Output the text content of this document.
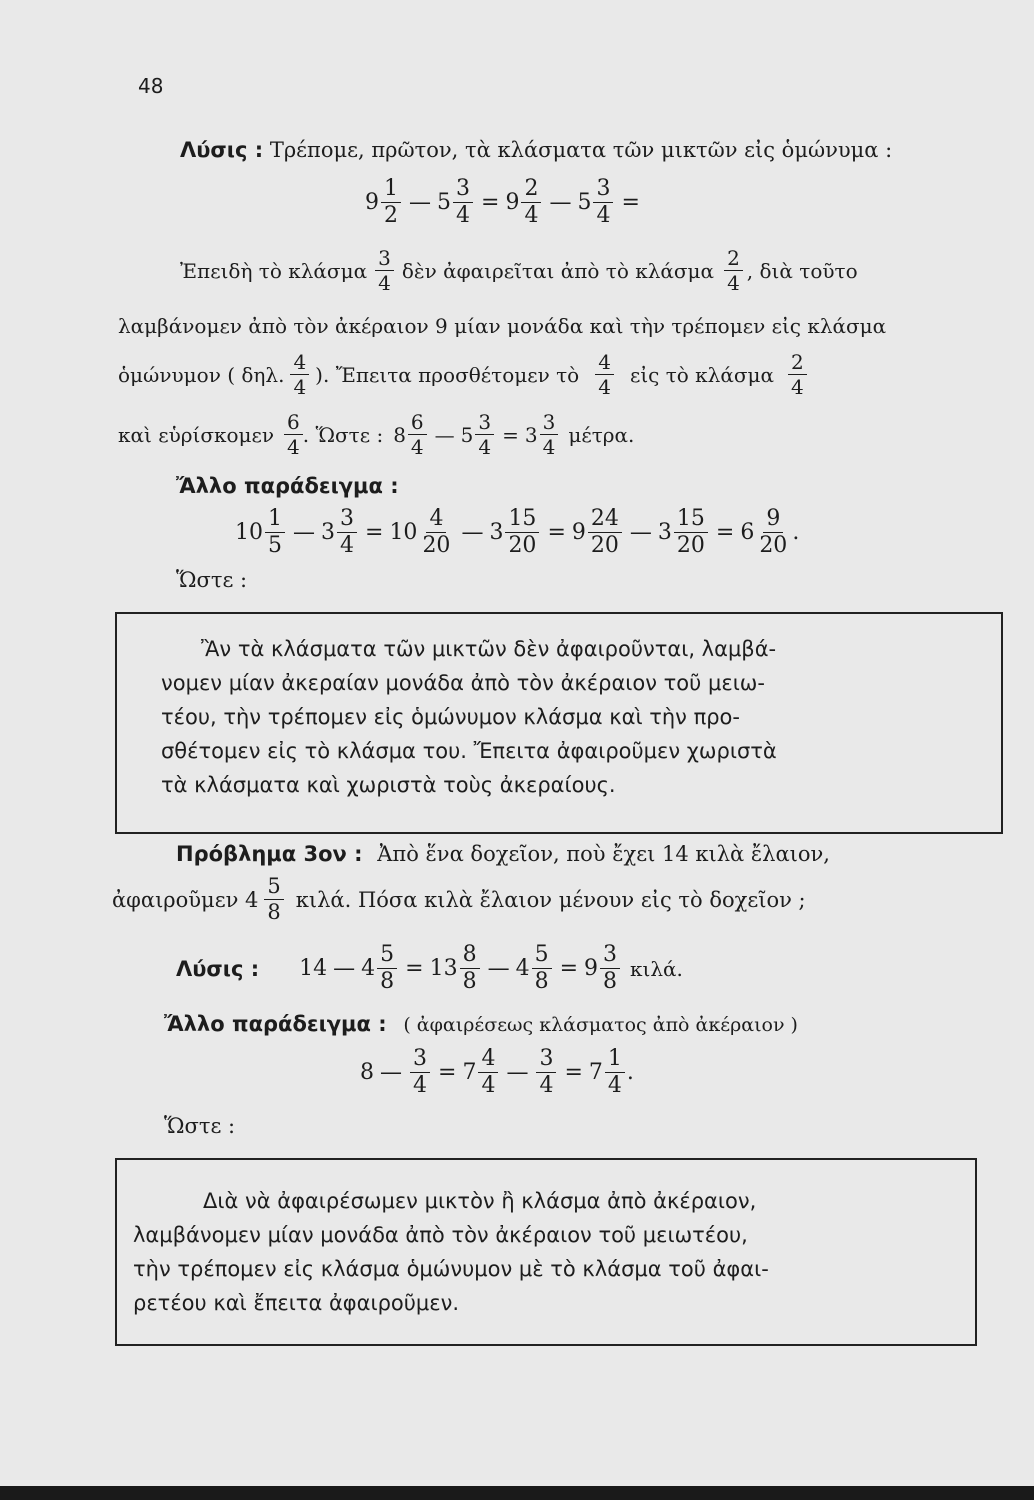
48
Λύσις : Τρέπομε, πρῶτον, τὰ κλάσματα τῶν μικτῶν εἰς ὁμώνυμα :
$9 \frac{1}{2}$ — $5 \frac{3}{4} = 9 \frac{2}{4}$ — $5 \frac{3}{4}$ =
Ἐπειδὴ τὸ κλάσμα $\frac{3}{4}$ δὲν ἀφαιρεῖται ἀπὸ τὸ κλάσμα $\frac{2}{4}$ , διὰ τοῦτο
λαμβάνομεν ἀπὸ τὸν ἀκέραιον 9 μίαν μονάδα καὶ τὴν τρέπομεν εἰς κλάσμα
ὁμώνυμον ( δηλ. $\frac{4}{4}$ ). Ἔπειτα προσθέτομεν τὸ $\frac{4}{4}$ εἰς τὸ κλάσμα $\frac{2}{4}$
καὶ εὑρίσκομεν $\frac{6}{4}$ . Ὥστε : $8 \frac{6}{4}$ — $5 \frac{3}{4} = 3 \frac{3}{4} \mu έ\tau\rho\alpha$.
Ἄλλο παράδειγμα :
$10 \frac{1}{5}$ — $3 \frac{3}{4} = 10 \frac{4}{20}$ — $3 \frac{15}{20} = 9 \frac{24}{20}$ — $3 \frac{15}{20} = 6 \frac{9}{20}$ .
Ὥστε :
Ἂν τὰ κλάσματα τῶν μικτῶν δὲν ἀφαιροῦνται, λαμβά-
νομεν μίαν ἀκεραίαν μονάδα ἀπὸ τὸν ἀκέραιον τοῦ μειω-
τέου, τὴν τρέπομεν εἰς ὁμώνυμον κλάσμα καὶ τὴν προ-
σθέτομεν εἰς τὸ κλάσμα του. Ἔπειτα ἀφαιροῦμεν χωριστὰ
τὰ κλάσματα καὶ χωριστὰ τοὺς ἀκεραίους.
Πρόβλημα 3ον : Ἀπὸ ἕνα δοχεῖον, ποὺ ἔχει 14 κιλὰ ἔλαιον,
ἀφαιροῦμεν $4 \frac{5}{8} \kappa\iota\lambda ά$. Πόσα κιλὰ ἔλαιον μένουν εἰς τὸ δοχεῖον ;
Λύσις : 14 — $4 \frac{5}{8} = 13 \frac{8}{8}$ — $4 \frac{5}{8} = 9 \frac{3}{8} \kappa\iota\lambda ά$.
Ἄλλο παράδειγμα : ( ἀφαιρέσεως κλάσματος ἀπὸ ἀκέραιον )
8 — $\frac{3}{4} = 7 \frac{4}{4}$ — $\frac{3}{4} = 7 \frac{1}{4}$ .
Ὥστε :
Διὰ νὰ ἀφαιρέσωμεν μικτὸν ἢ κλάσμα ἀπὸ ἀκέραιον,
λαμβάνομεν μίαν μονάδα ἀπὸ τὸν ἀκέραιον τοῦ μειωτέου,
τὴν τρέπομεν εἰς κλάσμα ὁμώνυμον μὲ τὸ κλάσμα τοῦ ἀφαι-
ρετέου καὶ ἔπειτα ἀφαιροῦμεν.
